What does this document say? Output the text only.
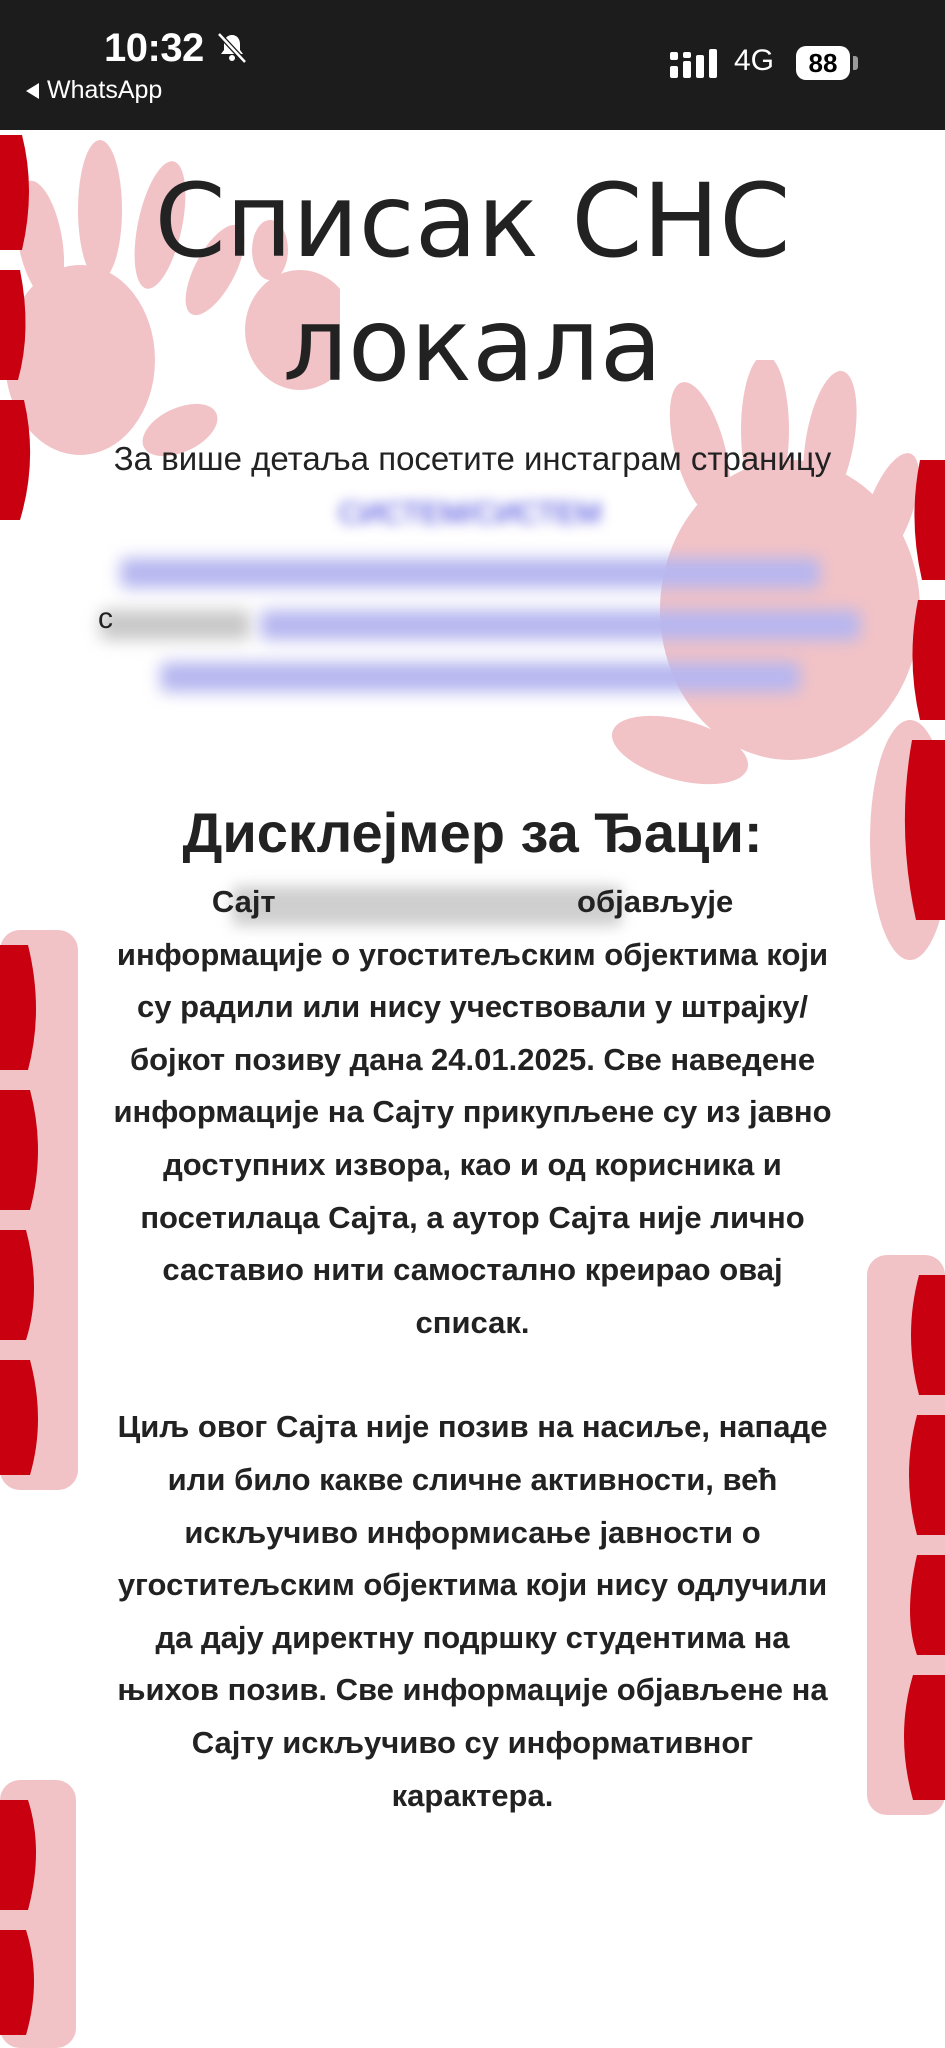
10:32
WhatsApp
4G	88
Списак СНС локала
За више детаља посетите инстаграм страницу
СИСТЕМ/СИСТЕМ
с
Дисклејмер за Ђаци:

Сајт                                   објављује информације о угоститељским објектима који су радили или нису учествовали у штрајку/бојкот позиву дана 24.01.2025. Све наведене информације на Сајту прикупљене су из јавно доступних извора, као и од корисника и посетилаца Сајта, а аутор Сајта није лично саставио нити самостално креирао овај списак.

Циљ овог Сајта није позив на насиље, нападе или било какве сличне активности, већ искључиво информисање јавности о угоститељским објектима који нису одлучили да дају директну подршку студентима на њихов позив. Све информације објављене на Сајту искључиво су информативног карактера.
